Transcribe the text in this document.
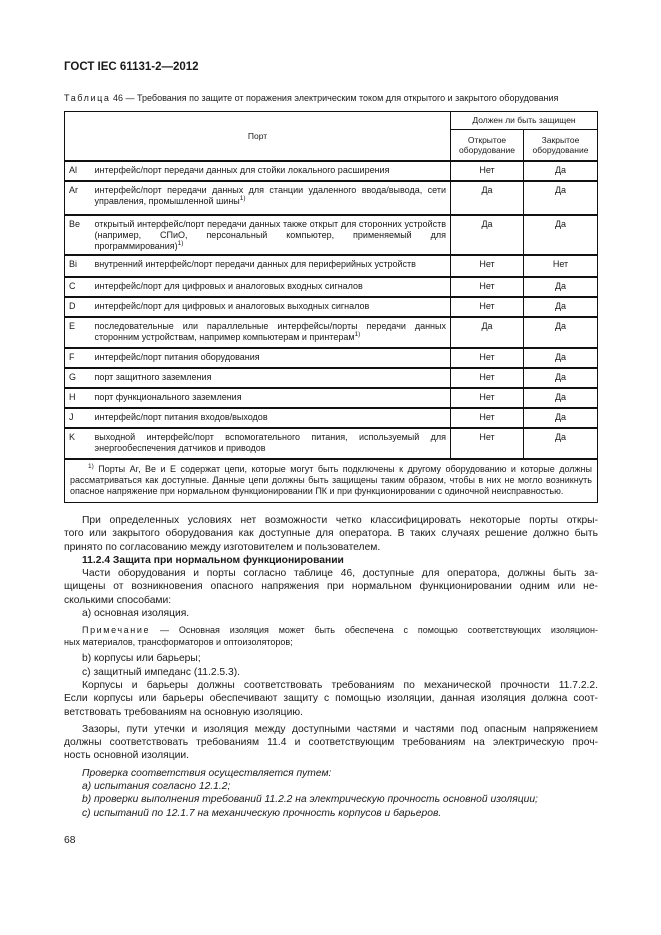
ГОСТ IEC 61131-2—2012
Таблица 46 — Требования по защите от поражения электрическим током для открытого и закрытого оборудования
Порт		Должен ли быть защищен	
		Открытое оборудование	Закрытое оборудование
Al	интерфейс/порт передачи данных для стойки локального расширения	Нет	Да
Ar	интерфейс/порт передачи данных для станции удаленного ввода/вывода, сети управления, промышленной шины$^{1)}$	Да	Да
Be	открытый интерфейс/порт передачи данных также открыт для сторонних устройств (например, СПиО, персональный компьютер, применяемый для программирования)$^{1)}$	Да	Да
Bi	внутренний интерфейс/порт передачи данных для периферийных устройств	Нет	Нет
C	интерфейс/порт для цифровых и аналоговых входных сигналов	Нет	Да
D	интерфейс/порт для цифровых и аналоговых выходных сигналов	Нет	Да
E	последовательные или параллельные интерфейсы/порты передачи данных сторонним устройствам, например компьютерам и принтерам$^{1)}$	Да	Да
F	интерфейс/порт питания оборудования	Нет	Да
G	порт защитного заземления	Нет	Да
H	порт функционального заземления	Нет	Да
J	интерфейс/порт питания входов/выходов	Нет	Да
K	выходной интерфейс/порт вспомогательного питания, используемый для энергообеспечения датчиков и приводов	Нет	Да
$^{1)}$ Порты Ar, Be и E содержат цепи, которые могут быть подключены к другому оборудованию и которые должны рассматриваться как доступные. Данные цепи должны быть защищены таким образом, чтобы в них не могло возникнуть опасное напряжение при нормальном функционировании ПК и при функционировании с одиночной неисправностью.			
При определенных условиях нет возможности четко классифицировать некоторые порты откры-
того или закрытого оборудования как доступные для оператора. В таких случаях решение должно быть
принято по согласованию между изготовителем и пользователем.
11.2.4 Защита при нормальном функционировании
Части оборудования и порты согласно таблице 46, доступные для оператора, должны быть за-
щищены от возникновения опасного напряжения при нормальном функционировании одним или не-
сколькими способами:
а) основная изоляция.
Примечание — Основная изоляция может быть обеспечена с помощью соответствующих изоляцион-
ных материалов, трансформаторов и оптоизоляторов;
b) корпусы или барьеры;
c) защитный импеданс (11.2.5.3).
Корпусы и барьеры должны соответствовать требованиям по механической прочности 11.7.2.2.
Если корпусы или барьеры обеспечивают защиту с помощью изоляции, данная изоляция должна соот-
ветствовать требованиям на основную изоляцию.
Зазоры, пути утечки и изоляция между доступными частями и частями под опасным напряжением
должны соответствовать требованиям 11.4 и соответствующим требованиям на электрическую проч-
ность основной изоляции.
Проверка соответствия осуществляется путем:
а) испытания согласно 12.1.2;
b) проверки выполнения требований 11.2.2 на электрическую прочность основной изоляции;
c) испытаний по 12.1.7 на механическую прочность корпусов и барьеров.
68
